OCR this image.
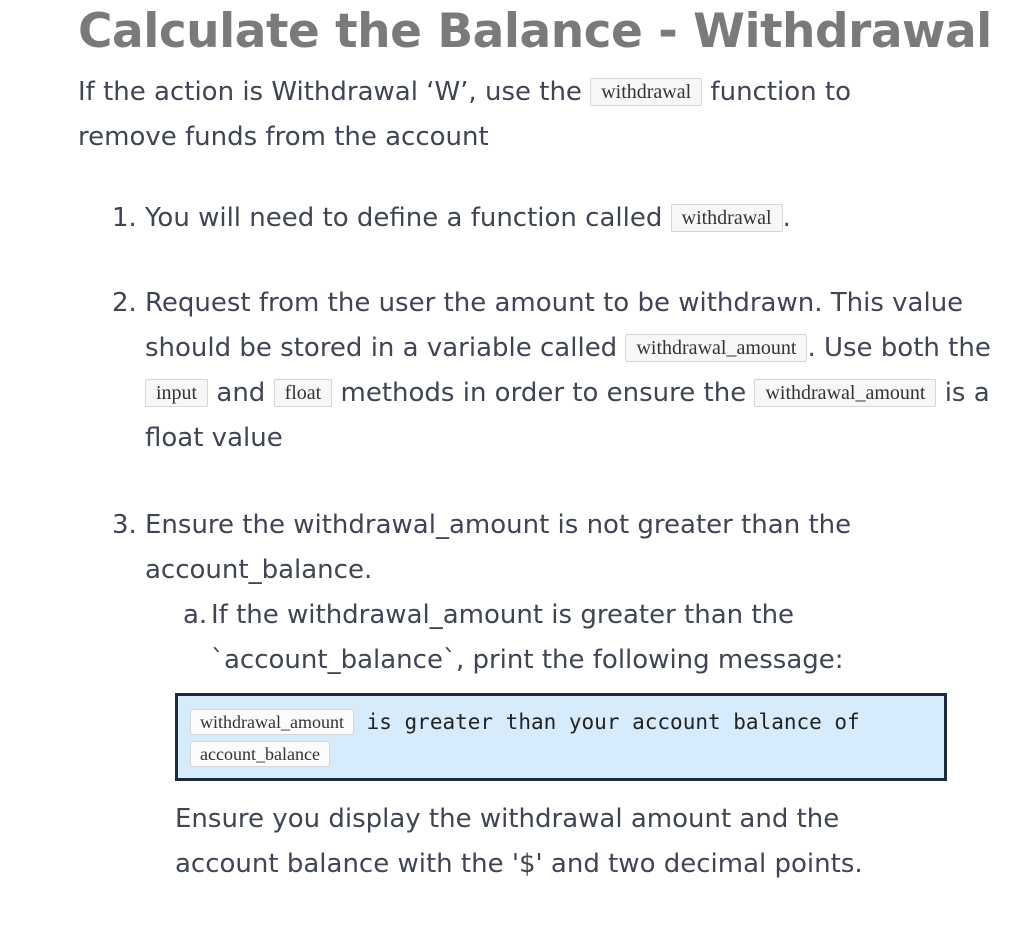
Calculate the Balance - Withdrawal

If the action is Withdrawal ‘W’, use the withdrawal function to remove funds from the account

1. You will need to define a function called withdrawal .
2. Request from the user the amount to be withdrawn. This value should be stored in a variable called withdrawal_amount . Use both the input and float methods in order to ensure the withdrawal_amount is a float value
3. Ensure the withdrawal_amount is not greater than the account_balance.
a. If the withdrawal_amount is greater than the `account_balance`, print the following message:
withdrawal_amount is greater than your account balance of account_balance

Ensure you display the withdrawal amount and the account balance with the '$' and two decimal points.
